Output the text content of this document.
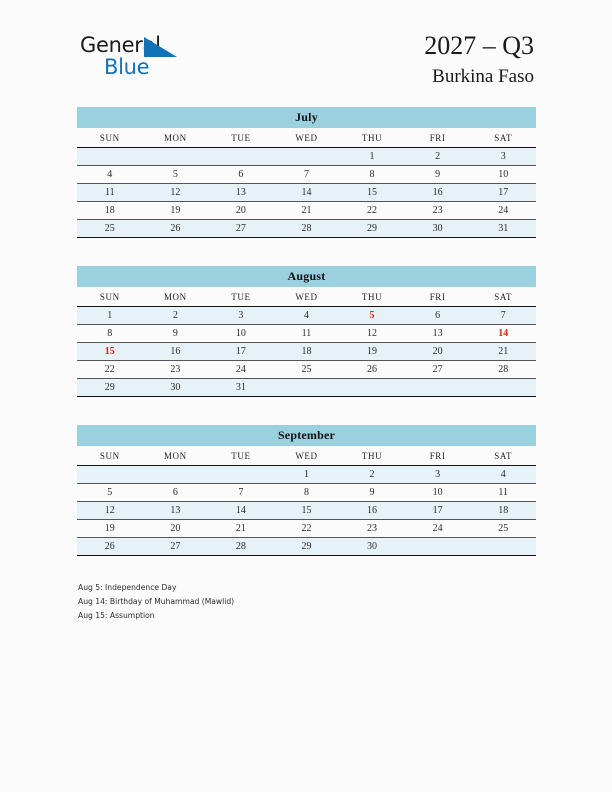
General
Blue
2027 – Q3
Burkina Faso
July						
SUN	MON	TUE	WED	THU	FRI	SAT
				1	2	3
4	5	6	7	8	9	10
11	12	13	14	15	16	17
18	19	20	21	22	23	24
25	26	27	28	29	30	31
August						
SUN	MON	TUE	WED	THU	FRI	SAT
1	2	3	4	5	6	7
8	9	10	11	12	13	14
15	16	17	18	19	20	21
22	23	24	25	26	27	28
29	30	31				
September						
SUN	MON	TUE	WED	THU	FRI	SAT
			1	2	3	4
5	6	7	8	9	10	11
12	13	14	15	16	17	18
19	20	21	22	23	24	25
26	27	28	29	30		
Aug 5: Independence Day
Aug 14: Birthday of Muhammad (Mawlid)
Aug 15: Assumption
